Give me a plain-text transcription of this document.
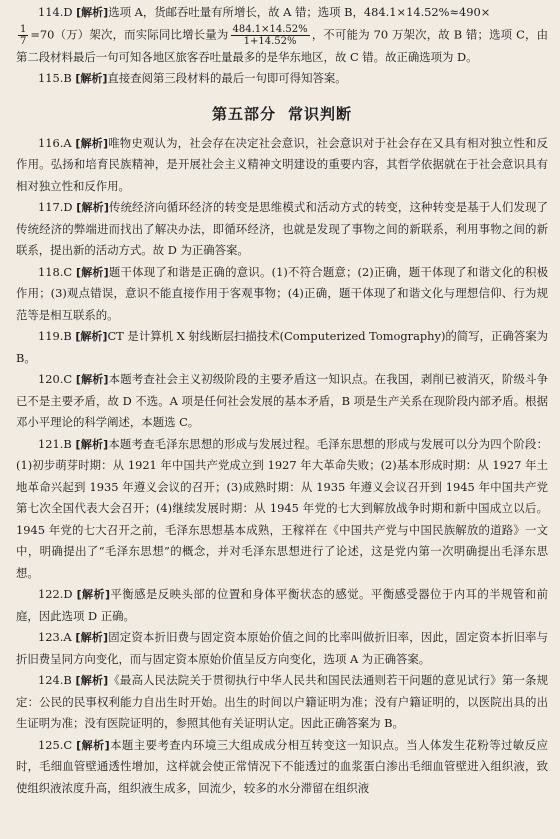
114.D [解析]选项 A，货邮吞吐量有所增长，故 A 错；选项 B，484.1×14.52%≈490×

$\frac{1}{7} =70$（万）架次，而实际同比增长量为 $\frac{484.1\times 14.52\%}{1+14.52\%}$ ，不可能为 70 万架次，故 B 错；选项 C，由第二段材料最后一句可知各地区旅客吞吐量最多的是华东地区，故 C 错。故正确选项为 D。

115.B [解析]直接查阅第三段材料的最后一句即可得知答案。

第五部分 常识判断

116.A [解析]唯物史观认为，社会存在决定社会意识，社会意识对于社会存在又具有相对独立性和反作用。弘扬和培育民族精神，是开展社会主义精神文明建设的重要内容，其哲学依据就在于社会意识具有相对独立性和反作用。

117.D [解析]传统经济向循环经济的转变是思维模式和活动方式的转变，这种转变是基于人们发现了传统经济的弊端进而找出了解决办法，即循环经济，也就是发现了事物之间的新联系，利用事物之间的新联系，提出新的活动方式。故 D 为正确答案。

118.C [解析]题干体现了和谐是正确的意识。(1)不符合题意；(2)正确，题干体现了和谐文化的积极作用；(3)观点错误，意识不能直接作用于客观事物；(4)正确，题干体现了和谐文化与理想信仰、行为规范等是相互联系的。

119.B [解析]CT 是计算机 X 射线断层扫描技术(Computerized Tomography)的简写，正确答案为 B。

120.C [解析]本题考查社会主义初级阶段的主要矛盾这一知识点。在我国，剥削已被消灭，阶级斗争已不是主要矛盾，故 D 不选。A 项是任何社会发展的基本矛盾，B 项是生产关系在现阶段内部矛盾。根据邓小平理论的科学阐述，本题选 C。

121.B [解析]本题考查毛泽东思想的形成与发展过程。毛泽东思想的形成与发展可以分为四个阶段：(1)初步萌芽时期：从 1921 年中国共产党成立到 1927 年大革命失败；(2)基本形成时期：从 1927 年土地革命兴起到 1935 年遵义会议的召开；(3)成熟时期：从 1935 年遵义会议召开到 1945 年中国共产党第七次全国代表大会召开；(4)继续发展时期：从 1945 年党的七大到解放战争时期和新中国成立以后。1945 年党的七大召开之前，毛泽东思想基本成熟，王稼祥在《中国共产党与中国民族解放的道路》一文中，明确提出了“毛泽东思想”的概念，并对毛泽东思想进行了论述，这是党内第一次明确提出毛泽东思想。

122.D [解析]平衡感是反映头部的位置和身体平衡状态的感觉。平衡感受器位于内耳的半规管和前庭，因此选项 D 正确。

123.A [解析]固定资本折旧费与固定资本原始价值之间的比率叫做折旧率，因此，固定资本折旧率与折旧费呈同方向变化，而与固定资本原始价值呈反方向变化，选项 A 为正确答案。

124.B [解析]《最高人民法院关于贯彻执行中华人民共和国民法通则若干问题的意见试行》第一条规定：公民的民事权利能力自出生时开始。出生的时间以户籍证明为准；没有户籍证明的，以医院出具的出生证明为准；没有医院证明的，参照其他有关证明认定。因此正确答案为 B。

125.C [解析]本题主要考查内环境三大组成成分相互转变这一知识点。当人体发生花粉等过敏反应时，毛细血管壁通透性增加，这样就会使正常情况下不能透过的血浆蛋白渗出毛细血管壁进入组织液，致使组织液浓度升高，组织液生成多，回流少，较多的水分滞留在组织液
